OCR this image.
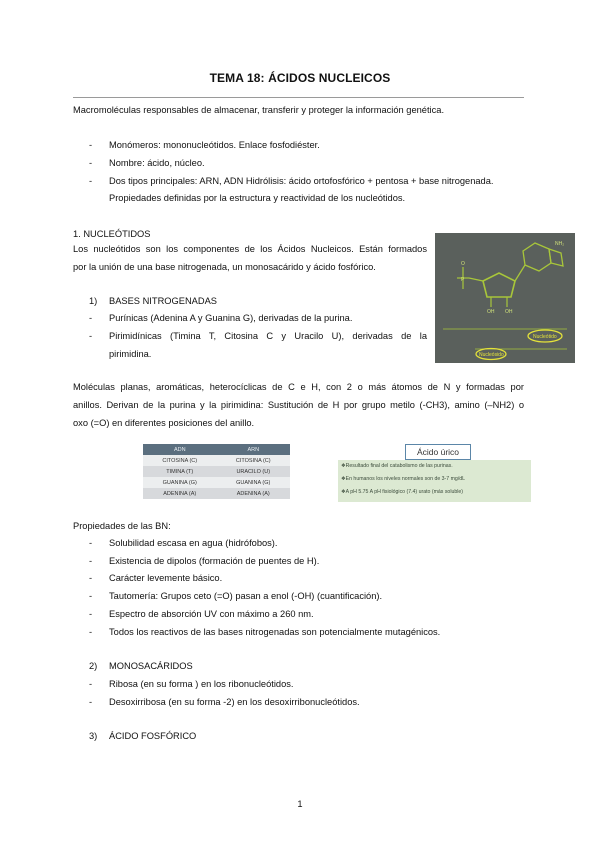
TEMA 18: ÁCIDOS NUCLEICOS
Macromoléculas responsables de almacenar, transferir y proteger la información genética.
- Monómeros: mononucleótidos. Enlace fosfodiéster.
- Nombre: ácido, núcleo.
- Dos tipos principales: ARN, ADN Hidrólisis: ácido ortofosfórico + pentosa + base nitrogenada.
Propiedades definidas por la estructura y reactividad de los nucleótidos.
1. NUCLEÓTIDOS
Los nucleótidos son los componentes de los Ácidos Nucleicos. Están formados
por la unión de una base nitrogenada, un monosacárido y ácido fosfórico.
1) BASES NITROGENADAS
- Purínicas (Adenina A y Guanina G), derivadas de la purina.
- Pirimidínicas (Timina T, Citosina C y Uracilo U), derivadas de la
pirimidina.
NH₂
O
P
OH OH
Nucleótido
Nucleósido
Moléculas planas, aromáticas, heterocíclicas de C e H, con 2 o más átomos de N y formadas por
anillos. Derivan de la purina y la pirimidina: Sustitución de H por grupo metilo (-CH3), amino (–NH2) o
oxo (=O) en diferentes posiciones del anillo.
ADN	ARN
CITOSINA (C)	CITOSINA (C)
TIMINA (T)	URACILO (U)
GUANINA (G)	GUANINA (G)
ADENINA (A)	ADENINA (A)
Ácido úrico
❖Resultado final del catabolismo de las purinas.
❖En humanos los niveles normales son de 3-7 mg/dL
❖A pH 5.75 A pH fisiológico (7.4) urato (más soluble)
Propiedades de las BN:
- Solubilidad escasa en agua (hidrófobos).
- Existencia de dipolos (formación de puentes de H).
- Carácter levemente básico.
- Tautomería: Grupos ceto (=O) pasan a enol (-OH) (cuantificación).
- Espectro de absorción UV con máximo a 260 nm.
- Todos los reactivos de las bases nitrogenadas son potencialmente mutagénicos.
2) MONOSACÁRIDOS
- Ribosa (en su forma ) en los ribonucleótidos.
- Desoxirribosa (en su forma -2) en los desoxirribonucleótidos.
3) ÁCIDO FOSFÓRICO
1
